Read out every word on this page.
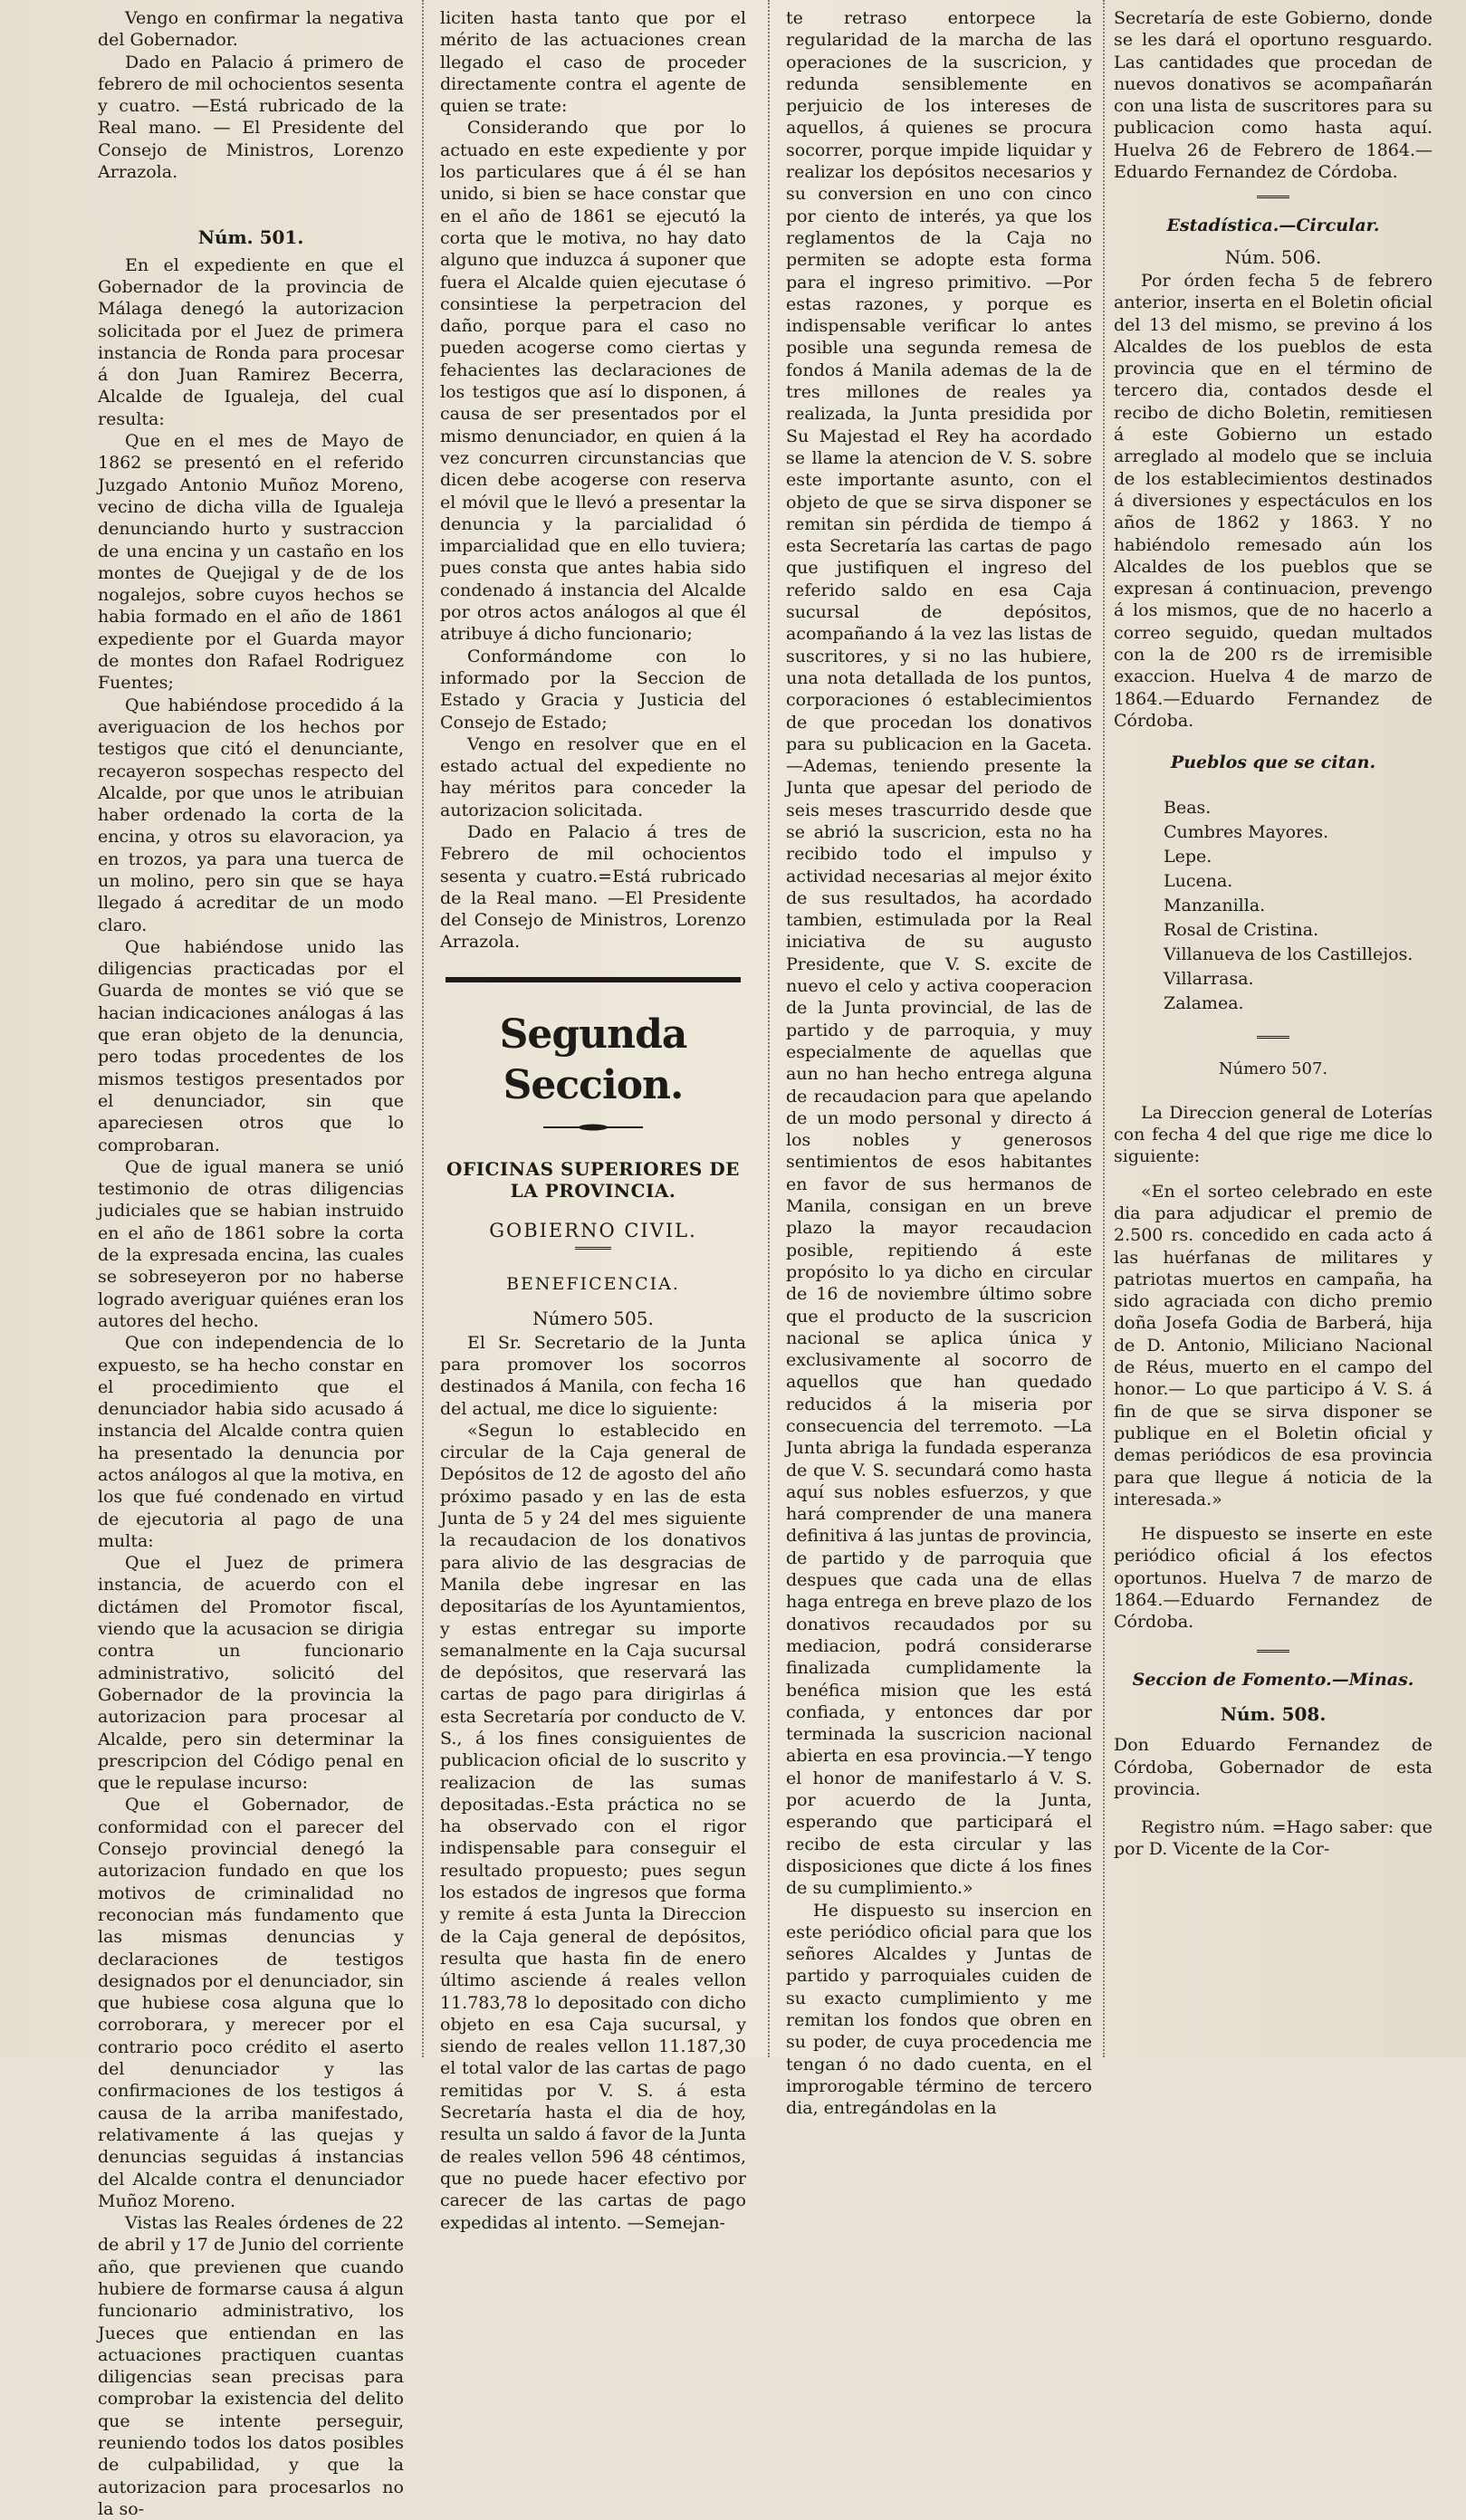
Vengo en confirmar la negativa del Gobernador.

Dado en Palacio á primero de febrero de mil ochocientos sesenta y cuatro. —Está rubricado de la Real mano. — El Presidente del Consejo de Ministros, Lorenzo Arrazola.

Núm. 501.

En el expediente en que el Gobernador de la provincia de Málaga denegó la autorizacion solicitada por el Juez de primera instancia de Ronda para procesar á don Juan Ramirez Becerra, Alcalde de Igualeja, del cual resulta:

Que en el mes de Mayo de 1862 se presentó en el referido Juzgado Antonio Muñoz Moreno, vecino de dicha villa de Igualeja denunciando hurto y sustraccion de una encina y un castaño en los montes de Quejigal y de de los nogalejos, sobre cuyos hechos se habia formado en el año de 1861 expediente por el Guarda mayor de montes don Rafael Rodriguez Fuentes;

Que habiéndose procedido á la averiguacion de los hechos por testigos que citó el denunciante, recayeron sospechas respecto del Alcalde, por que unos le atribuian haber ordenado la corta de la encina, y otros su elavoracion, ya en trozos, ya para una tuerca de un molino, pero sin que se haya llegado á acreditar de un modo claro.

Que habiéndose unido las diligencias practicadas por el Guarda de montes se vió que se hacian indicaciones análogas á las que eran objeto de la denuncia, pero todas procedentes de los mismos testigos presentados por el denunciador, sin que apareciesen otros que lo comprobaran.

Que de igual manera se unió testimonio de otras diligencias judiciales que se habian instruido en el año de 1861 sobre la corta de la expresada encina, las cuales se sobreseyeron por no haberse logrado averiguar quiénes eran los autores del hecho.

Que con independencia de lo expuesto, se ha hecho constar en el procedimiento que el denunciador habia sido acusado á instancia del Alcalde contra quien ha presentado la denuncia por actos análogos al que la motiva, en los que fué condenado en virtud de ejecutoria al pago de una multa:

Que el Juez de primera instancia, de acuerdo con el dictámen del Promotor fiscal, viendo que la acusacion se dirigia contra un funcionario administrativo, solicitó del Gobernador de la provincia la autorizacion para procesar al Alcalde, pero sin determinar la prescripcion del Código penal en que le repulase incurso:

Que el Gobernador, de conformidad con el parecer del Consejo provincial denegó la autorizacion fundado en que los motivos de criminalidad no reconocian más fundamento que las mismas denuncias y declaraciones de testigos designados por el denunciador, sin que hubiese cosa alguna que lo corroborara, y merecer por el contrario poco crédito el aserto del denunciador y las confirmaciones de los testigos á causa de la arriba manifestado, relativamente á las quejas y denuncias seguidas á instancias del Alcalde contra el denunciador Muñoz Moreno.

Vistas las Reales órdenes de 22 de abril y 17 de Junio del corriente año, que previenen que cuando hubiere de formarse causa á algun funcionario administrativo, los Jueces que entiendan en las actuaciones practiquen cuantas diligencias sean precisas para comprobar la existencia del delito que se intente perseguir, reuniendo todos los datos posibles de culpabilidad, y que la autorizacion para procesarlos no la so-

liciten hasta tanto que por el mérito de las actuaciones crean llegado el caso de proceder directamente contra el agente de quien se trate:

Considerando que por lo actuado en este expediente y por los particulares que á él se han unido, si bien se hace constar que en el año de 1861 se ejecutó la corta que le motiva, no hay dato alguno que induzca á suponer que fuera el Alcalde quien ejecutase ó consintiese la perpetracion del daño, porque para el caso no pueden acogerse como ciertas y fehacientes las declaraciones de los testigos que así lo disponen, á causa de ser presentados por el mismo denunciador, en quien á la vez concurren circunstancias que dicen debe acogerse con reserva el móvil que le llevó a presentar la denuncia y la parcialidad ó imparcialidad que en ello tuviera; pues consta que antes habia sido condenado á instancia del Alcalde por otros actos análogos al que él atribuye á dicho funcionario;

Conformándome con lo informado por la Seccion de Estado y Gracia y Justicia del Consejo de Estado;

Vengo en resolver que en el estado actual del expediente no hay méritos para conceder la autorizacion solicitada.

Dado en Palacio á tres de Febrero de mil ochocientos sesenta y cuatro.=Está rubricado de la Real mano. —El Presidente del Consejo de Ministros, Lorenzo Arrazola.

Segunda Seccion.
OFICINAS SUPERIORES DE LA PROVINCIA.
GOBIERNO CIVIL.
BENEFICENCIA.
Número 505.

El Sr. Secretario de la Junta para promover los socorros destinados á Manila, con fecha 16 del actual, me dice lo siguiente:

«Segun lo establecido en circular de la Caja general de Depósitos de 12 de agosto del año próximo pasado y en las de esta Junta de 5 y 24 del mes siguiente la recaudacion de los donativos para alivio de las desgracias de Manila debe ingresar en las depositarías de los Ayuntamientos, y estas entregar su importe semanalmente en la Caja sucursal de depósitos, que reservará las cartas de pago para dirigirlas á esta Secretaría por conducto de V. S., á los fines consiguientes de publicacion oficial de lo suscrito y realizacion de las sumas depositadas.-Esta práctica no se ha observado con el rigor indispensable para conseguir el resultado propuesto; pues segun los estados de ingresos que forma y remite á esta Junta la Direccion de la Caja general de depósitos, resulta que hasta fin de enero último asciende á reales vellon 11.783,78 lo depositado con dicho objeto en esa Caja sucursal, y siendo de reales vellon 11.187,30 el total valor de las cartas de pago remitidas por V. S. á esta Secretaría hasta el dia de hoy, resulta un saldo á favor de la Junta de reales vellon 596 48 céntimos, que no puede hacer efectivo por carecer de las cartas de pago expedidas al intento. —Semejan-

te retraso entorpece la regularidad de la marcha de las operaciones de la suscricion, y redunda sensiblemente en perjuicio de los intereses de aquellos, á quienes se procura socorrer, porque impide liquidar y realizar los depósitos necesarios y su conversion en uno con cinco por ciento de interés, ya que los reglamentos de la Caja no permiten se adopte esta forma para el ingreso primitivo. —Por estas razones, y porque es indispensable verificar lo antes posible una segunda remesa de fondos á Manila ademas de la de tres millones de reales ya realizada, la Junta presidida por Su Majestad el Rey ha acordado se llame la atencion de V. S. sobre este importante asunto, con el objeto de que se sirva disponer se remitan sin pérdida de tiempo á esta Secretaría las cartas de pago que justifiquen el ingreso del referido saldo en esa Caja sucursal de depósitos, acompañando á la vez las listas de suscritores, y si no las hubiere, una nota detallada de los puntos, corporaciones ó establecimientos de que procedan los donativos para su publicacion en la Gaceta. —Ademas, teniendo presente la Junta que apesar del periodo de seis meses trascurrido desde que se abrió la suscricion, esta no ha recibido todo el impulso y actividad necesarias al mejor éxito de sus resultados, ha acordado tambien, estimulada por la Real iniciativa de su augusto Presidente, que V. S. excite de nuevo el celo y activa cooperacion de la Junta provincial, de las de partido y de parroquia, y muy especialmente de aquellas que aun no han hecho entrega alguna de recaudacion para que apelando de un modo personal y directo á los nobles y generosos sentimientos de esos habitantes en favor de sus hermanos de Manila, consigan en un breve plazo la mayor recaudacion posible, repitiendo á este propósito lo ya dicho en circular de 16 de noviembre último sobre que el producto de la suscricion nacional se aplica única y exclusivamente al socorro de aquellos que han quedado reducidos á la miseria por consecuencia del terremoto. —La Junta abriga la fundada esperanza de que V. S. secundará como hasta aquí sus nobles esfuerzos, y que hará comprender de una manera definitiva á las juntas de provincia, de partido y de parroquia que despues que cada una de ellas haga entrega en breve plazo de los donativos recaudados por su mediacion, podrá considerarse finalizada cumplidamente la benéfica mision que les está confiada, y entonces dar por terminada la suscricion nacional abierta en esa provincia.—Y tengo el honor de manifestarlo á V. S. por acuerdo de la Junta, esperando que participará el recibo de esta circular y las disposiciones que dicte á los fines de su cumplimiento.»

He dispuesto su insercion en este periódico oficial para que los señores Alcaldes y Juntas de partido y parroquiales cuiden de su exacto cumplimiento y me remitan los fondos que obren en su poder, de cuya procedencia me tengan ó no dado cuenta, en el improrogable término de tercero dia, entregándolas en la

Secretaría de este Gobierno, donde se les dará el oportuno resguardo. Las cantidades que procedan de nuevos donativos se acompañarán con una lista de suscritores para su publicacion como hasta aquí. Huelva 26 de Febrero de 1864.— Eduardo Fernandez de Córdoba.

Estadística.—Circular.
Núm. 506.

Por órden fecha 5 de febrero anterior, inserta en el Boletin oficial del 13 del mismo, se previno á los Alcaldes de los pueblos de esta provincia que en el término de tercero dia, contados desde el recibo de dicho Boletin, remitiesen á este Gobierno un estado arreglado al modelo que se incluia de los establecimientos destinados á diversiones y espectáculos en los años de 1862 y 1863. Y no habiéndolo remesado aún los Alcaldes de los pueblos que se expresan á continuacion, prevengo á los mismos, que de no hacerlo a correo seguido, quedan multados con la de 200 rs de irremisible exaccion. Huelva 4 de marzo de 1864.—Eduardo Fernandez de Córdoba.

Pueblos que se citan.
Beas.
Cumbres Mayores.
Lepe.
Lucena.
Manzanilla.
Rosal de Cristina.
Villanueva de los Castillejos.
Villarrasa.
Zalamea.
Número 507.

La Direccion general de Loterías con fecha 4 del que rige me dice lo siguiente:

«En el sorteo celebrado en este dia para adjudicar el premio de 2.500 rs. concedido en cada acto á las huérfanas de militares y patriotas muertos en campaña, ha sido agraciada con dicho premio doña Josefa Godia de Barberá, hija de D. Antonio, Miliciano Nacional de Réus, muerto en el campo del honor.— Lo que participo á V. S. á fin de que se sirva disponer se publique en el Boletin oficial y demas periódicos de esa provincia para que llegue á noticia de la interesada.»

He dispuesto se inserte en este periódico oficial á los efectos oportunos. Huelva 7 de marzo de 1864.—Eduardo Fernandez de Córdoba.

Seccion de Fomento.—Minas.
Núm. 508.

Don Eduardo Fernandez de Córdoba, Gobernador de esta provincia.

Registro núm. =Hago saber: que por D. Vicente de la Cor-
